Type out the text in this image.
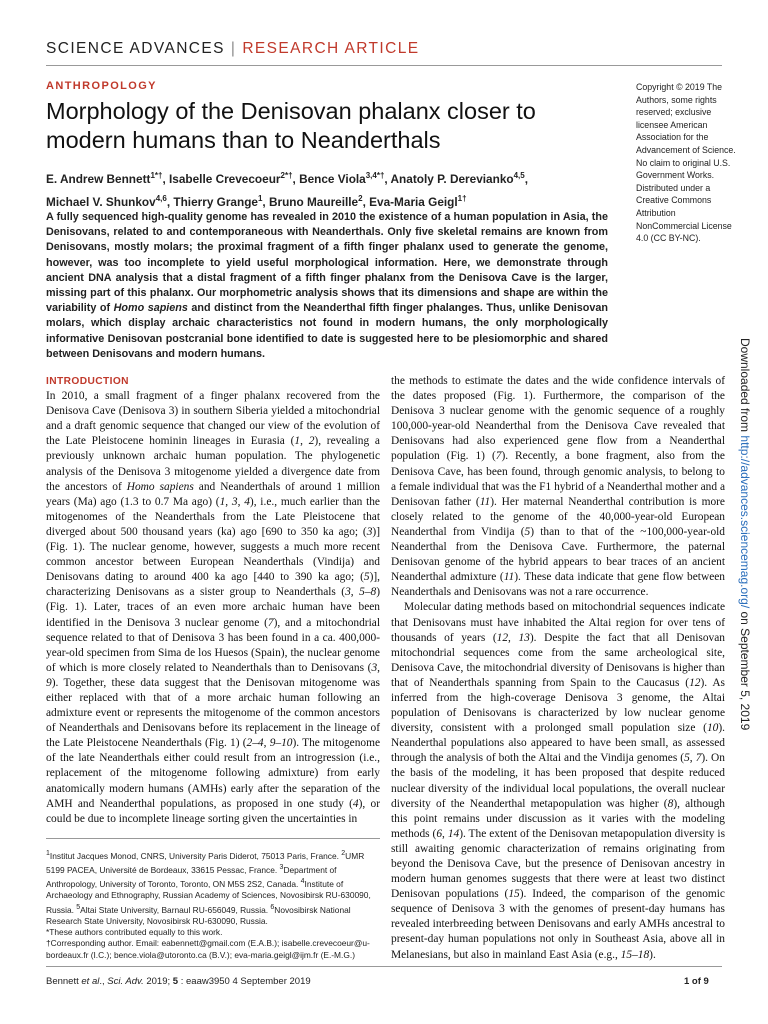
SCIENCE ADVANCES | RESEARCH ARTICLE
ANTHROPOLOGY
Morphology of the Denisovan phalanx closer to modern humans than to Neanderthals
E. Andrew Bennett$^{1*\dagger}$, Isabelle Crevecoeur$^{2*\dagger}$, Bence Viola$^{3,4*\dagger}$, Anatoly P. Derevianko$^{4,5}$,
Michael V. Shunkov$^{4,6}$, Thierry Grange$^1$, Bruno Maureille$^2$, Eva-Maria Geigl$^{1\dagger}$
A fully sequenced high-quality genome has revealed in 2010 the existence of a human population in Asia, the Denisovans, related to and contemporaneous with Neanderthals. Only five skeletal remains are known from Denisovans, mostly molars; the proximal fragment of a fifth finger phalanx used to generate the genome, however, was too incomplete to yield useful morphological information. Here, we demonstrate through ancient DNA analysis that a distal fragment of a fifth finger phalanx from the Denisova Cave is the larger, missing part of this phalanx. Our morphometric analysis shows that its dimensions and shape are within the variability of Homo sapiens and distinct from the Neanderthal fifth finger phalanges. Thus, unlike Denisovan molars, which display archaic characteristics not found in modern humans, the only morphologically informative Denisovan postcranial bone identified to date is suggested here to be plesiomorphic and shared between Denisovans and modern humans.
Copyright © 2019 The Authors, some rights reserved; exclusive licensee American Association for the Advancement of Science. No claim to original U.S. Government Works. Distributed under a Creative Commons Attribution NonCommercial License 4.0 (CC BY-NC).
Downloaded from http://advances.sciencemag.org/ on September 5, 2019
INTRODUCTION

In 2010, a small fragment of a finger phalanx recovered from the Denisova Cave (Denisova 3) in southern Siberia yielded a mitochondrial and a draft genomic sequence that changed our view of the evolution of the Late Pleistocene hominin lineages in Eurasia (1, 2), revealing a previously unknown archaic human population. The phylogenetic analysis of the Denisova 3 mitogenome yielded a divergence date from the ancestors of Homo sapiens and Neanderthals of around 1 million years (Ma) ago (1.3 to 0.7 Ma ago) (1, 3, 4), i.e., much earlier than the mitogenomes of the Neanderthals from the Late Pleistocene that diverged about 500 thousand years (ka) ago [690 to 350 ka ago; (3)] (Fig. 1). The nuclear genome, however, suggests a much more recent common ancestor between European Neanderthals (Vindija) and Denisovans dating to around 400 ka ago [440 to 390 ka ago; (5)], characterizing Denisovans as a sister group to Neanderthals (3, 5–8) (Fig. 1). Later, traces of an even more archaic human have been identified in the Denisova 3 nuclear genome (7), and a mitochondrial sequence related to that of Denisova 3 has been found in a ca. 400,000-year-old specimen from Sima de los Huesos (Spain), the nuclear genome of which is more closely related to Neanderthals than to Denisovans (3, 9). Together, these data suggest that the Denisovan mitogenome was either replaced with that of a more archaic human following an admixture event or represents the mitogenome of the common ancestors of Neanderthals and Denisovans before its replacement in the lineage of the Late Pleistocene Neanderthals (Fig. 1) (2–4, 9–10). The mitogenome of the late Neanderthals either could result from an introgression (i.e., replacement of the mitogenome following admixture) from early anatomically modern humans (AMHs) early after the separation of the AMH and Neanderthal populations, as proposed in one study (4), or could be due to incomplete lineage sorting given the uncertainties in

the methods to estimate the dates and the wide confidence intervals of the dates proposed (Fig. 1). Furthermore, the comparison of the Denisova 3 nuclear genome with the genomic sequence of a roughly 100,000-year-old Neanderthal from the Denisova Cave revealed that Denisovans had also experienced gene flow from a Neanderthal population (Fig. 1) (7). Recently, a bone fragment, also from the Denisova Cave, has been found, through genomic analysis, to belong to a female individual that was the F1 hybrid of a Neanderthal mother and a Denisovan father (11). Her maternal Neanderthal contribution is more closely related to the genome of the 40,000-year-old European Neanderthal from Vindija (5) than to that of the ~100,000-year-old Neanderthal from the Denisova Cave. Furthermore, the paternal Denisovan genome of the hybrid appears to bear traces of an ancient Neanderthal admixture (11). These data indicate that gene flow between Neanderthals and Denisovans was not a rare occurrence.

Molecular dating methods based on mitochondrial sequences indicate that Denisovans must have inhabited the Altai region for over tens of thousands of years (12, 13). Despite the fact that all Denisovan mitochondrial sequences come from the same archeological site, Denisova Cave, the mitochondrial diversity of Denisovans is higher than that of Neanderthals spanning from Spain to the Caucasus (12). As inferred from the high-coverage Denisova 3 genome, the Altai population of Denisovans is characterized by low nuclear genome diversity, consistent with a prolonged small population size (10). Neanderthal populations also appeared to have been small, as assessed through the analysis of both the Altai and the Vindija genomes (5, 7). On the basis of the modeling, it has been proposed that despite reduced nuclear diversity of the individual local populations, the overall nuclear diversity of the Neanderthal metapopulation was higher (8), although this point remains under discussion as it varies with the modeling methods (6, 14). The extent of the Denisovan metapopulation diversity is still awaiting genomic characterization of remains originating from beyond the Denisova Cave, but the presence of Denisovan ancestry in modern human genomes suggests that there were at least two distinct Denisovan populations (15). Indeed, the comparison of the genomic sequence of Denisova 3 with the genomes of present-day humans has revealed interbreeding between Denisovans and early AMHs ancestral to present-day human populations not only in Southeast Asia, above all in Melanesians, but also in mainland East Asia (e.g., 15–18).

$^1$Institut Jacques Monod, CNRS, University Paris Diderot, 75013 Paris, France. $^2$UMR 5199 PACEA, Université de Bordeaux, 33615 Pessac, France. $^3$Department of Anthropology, University of Toronto, Toronto, ON M5S 2S2, Canada. $^4$Institute of Archaeology and Ethnography, Russian Academy of Sciences, Novosibirsk RU-630090, Russia. $^5$Altai State University, Barnaul RU-656049, Russia. $^6$Novosibirsk National Research State University, Novosibirsk RU-630090, Russia.

*These authors contributed equally to this work.

†Corresponding author. Email: eabennett@gmail.com (E.A.B.); isabelle.crevecoeur@u-bordeaux.fr (I.C.); bence.viola@utoronto.ca (B.V.); eva-maria.geigl@ijm.fr (E.-M.G.)

Bennett et al., Sci. Adv. 2019; 5 : eaaw3950 4 September 2019	1 of 9
